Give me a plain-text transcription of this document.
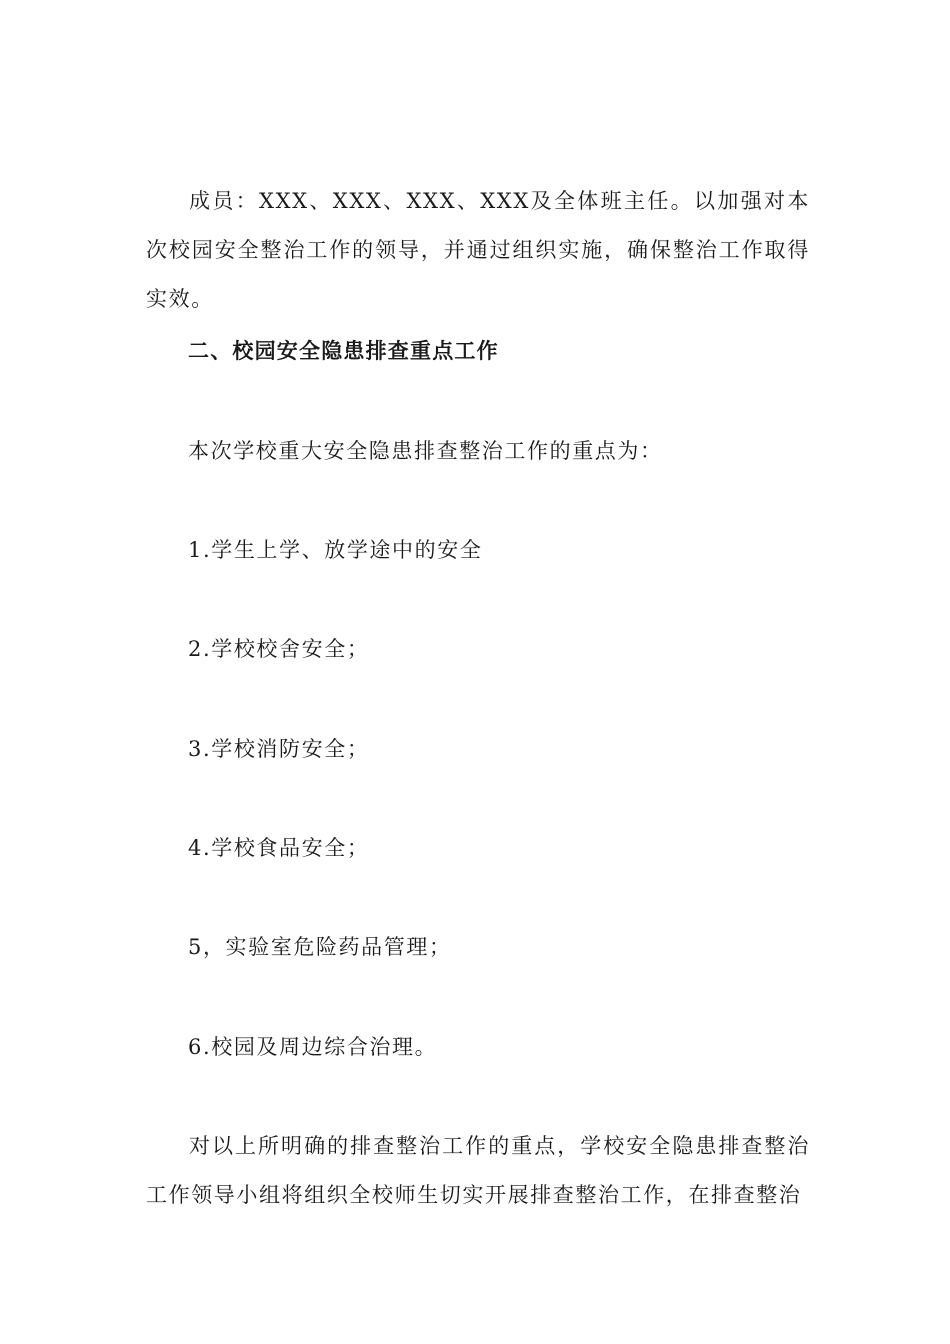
成员：XXX、XXX、XXX、XXX及全体班主任。以加强对本次校园安全整治工作的领导，并通过组织实施，确保整治工作取得实效。

二、校园安全隐患排查重点工作

本次学校重大安全隐患排查整治工作的重点为：

1.学生上学、放学途中的安全

2.学校校舍安全；

3.学校消防安全；

4.学校食品安全；

5，实验室危险药品管理；

6.校园及周边综合治理。

对以上所明确的排查整治工作的重点，学校安全隐患排查整治工作领导小组将组织全校师生切实开展排查整治工作，在排查整治
